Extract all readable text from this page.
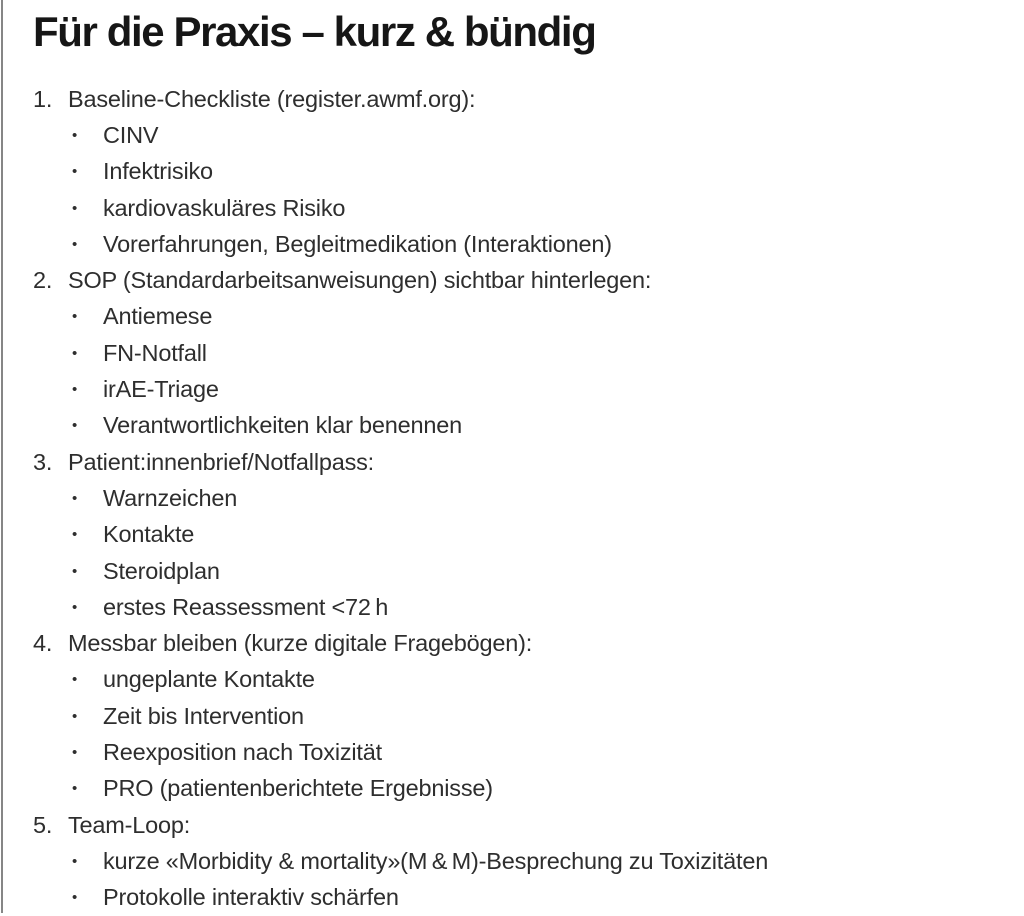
Für die Praxis – kurz & bündig
1. Baseline-Checkliste (register.awmf.org):
•	CINV
•	Infektrisiko
•	kardiovaskuläres Risiko
•	Vorerfahrungen, Begleitmedikation (Interaktionen)
2. SOP (Standardarbeitsanweisungen) sichtbar hinterlegen:
•	Antiemese
•	FN-Notfall
•	irAE-Triage
•	Verantwortlichkeiten klar benennen
3. Patient:innenbrief/Notfallpass:
•	Warnzeichen
•	Kontakte
•	Steroidplan
•	erstes Reassessment <72 h
4. Messbar bleiben (kurze digitale Fragebögen):
•	ungeplante Kontakte
•	Zeit bis Intervention
•	Reexposition nach Toxizität
•	PRO (patientenberichtete Ergebnisse)
5. Team-Loop:
•	kurze «Morbidity & mortality»(M & M)-Besprechung zu Toxizitäten
•	Protokolle interaktiv schärfen
